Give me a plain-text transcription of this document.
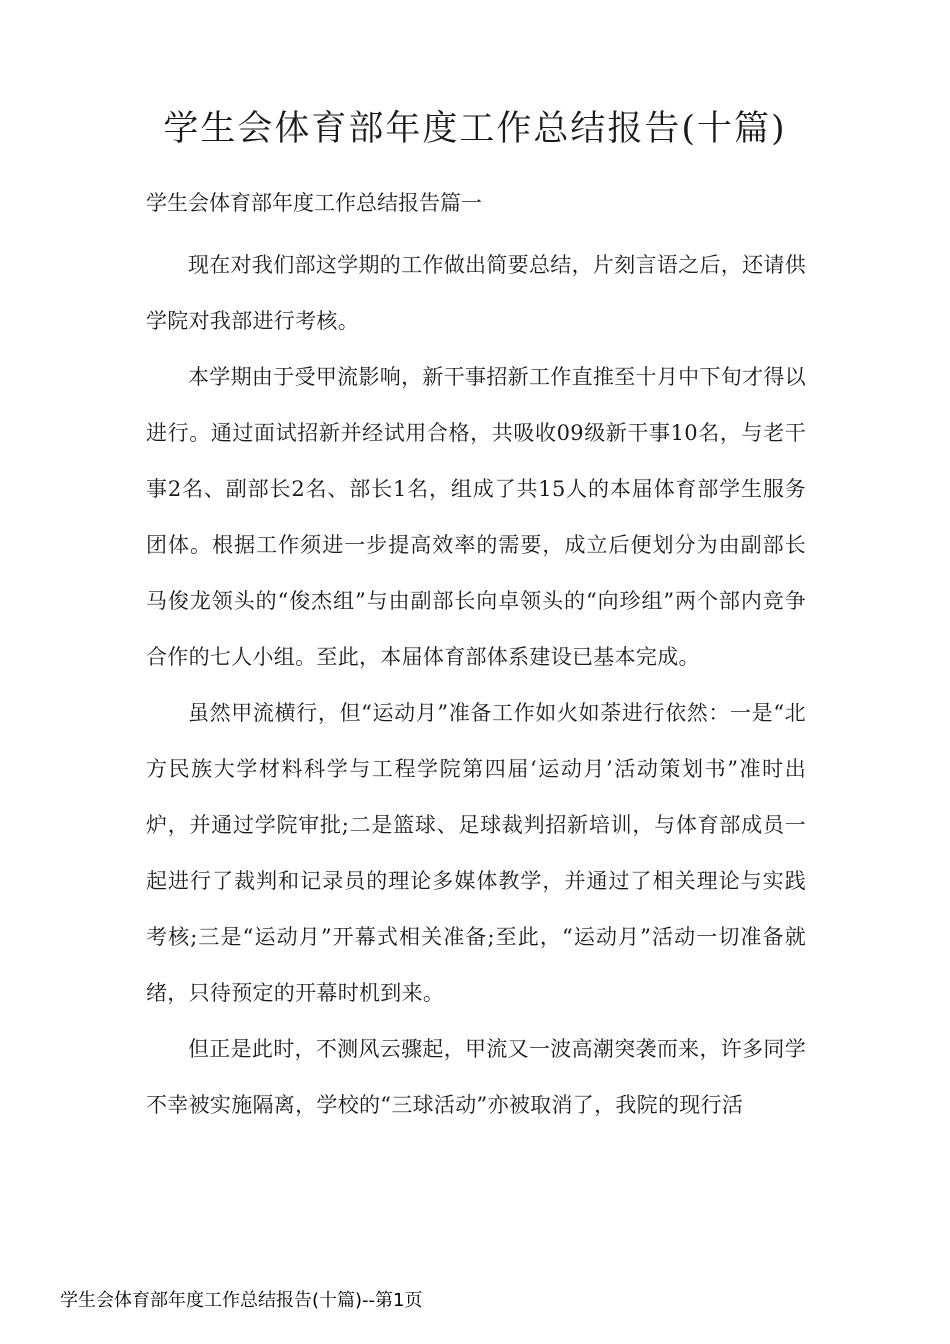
学生会体育部年度工作总结报告(十篇)
学生会体育部年度工作总结报告篇一

现在对我们部这学期的工作做出简要总结，片刻言语之后，还请供学院对我部进行考核。

本学期由于受甲流影响，新干事招新工作直推至十月中下旬才得以进行。通过面试招新并经试用合格，共吸收09级新干事10名，与老干事2名、副部长2名、部长1名，组成了共15人的本届体育部学生服务团体。根据工作须进一步提高效率的需要，成立后便划分为由副部长马俊龙领头的“俊杰组”与由副部长向卓领头的“向珍组”两个部内竞争合作的七人小组。至此，本届体育部体系建设已基本完成。

虽然甲流横行，但“运动月”准备工作如火如荼进行依然：一是“北方民族大学材料科学与工程学院第四届‘运动月’活动策划书”准时出炉，并通过学院审批;二是篮球、足球裁判招新培训，与体育部成员一起进行了裁判和记录员的理论多媒体教学，并通过了相关理论与实践考核;三是“运动月”开幕式相关准备;至此，“运动月”活动一切准备就绪，只待预定的开幕时机到来。

但正是此时，不测风云骤起，甲流又一波高潮突袭而来，许多同学不幸被实施隔离，学校的“三球活动”亦被取消了，我院的现行活

学生会体育部年度工作总结报告(十篇)--第1页
